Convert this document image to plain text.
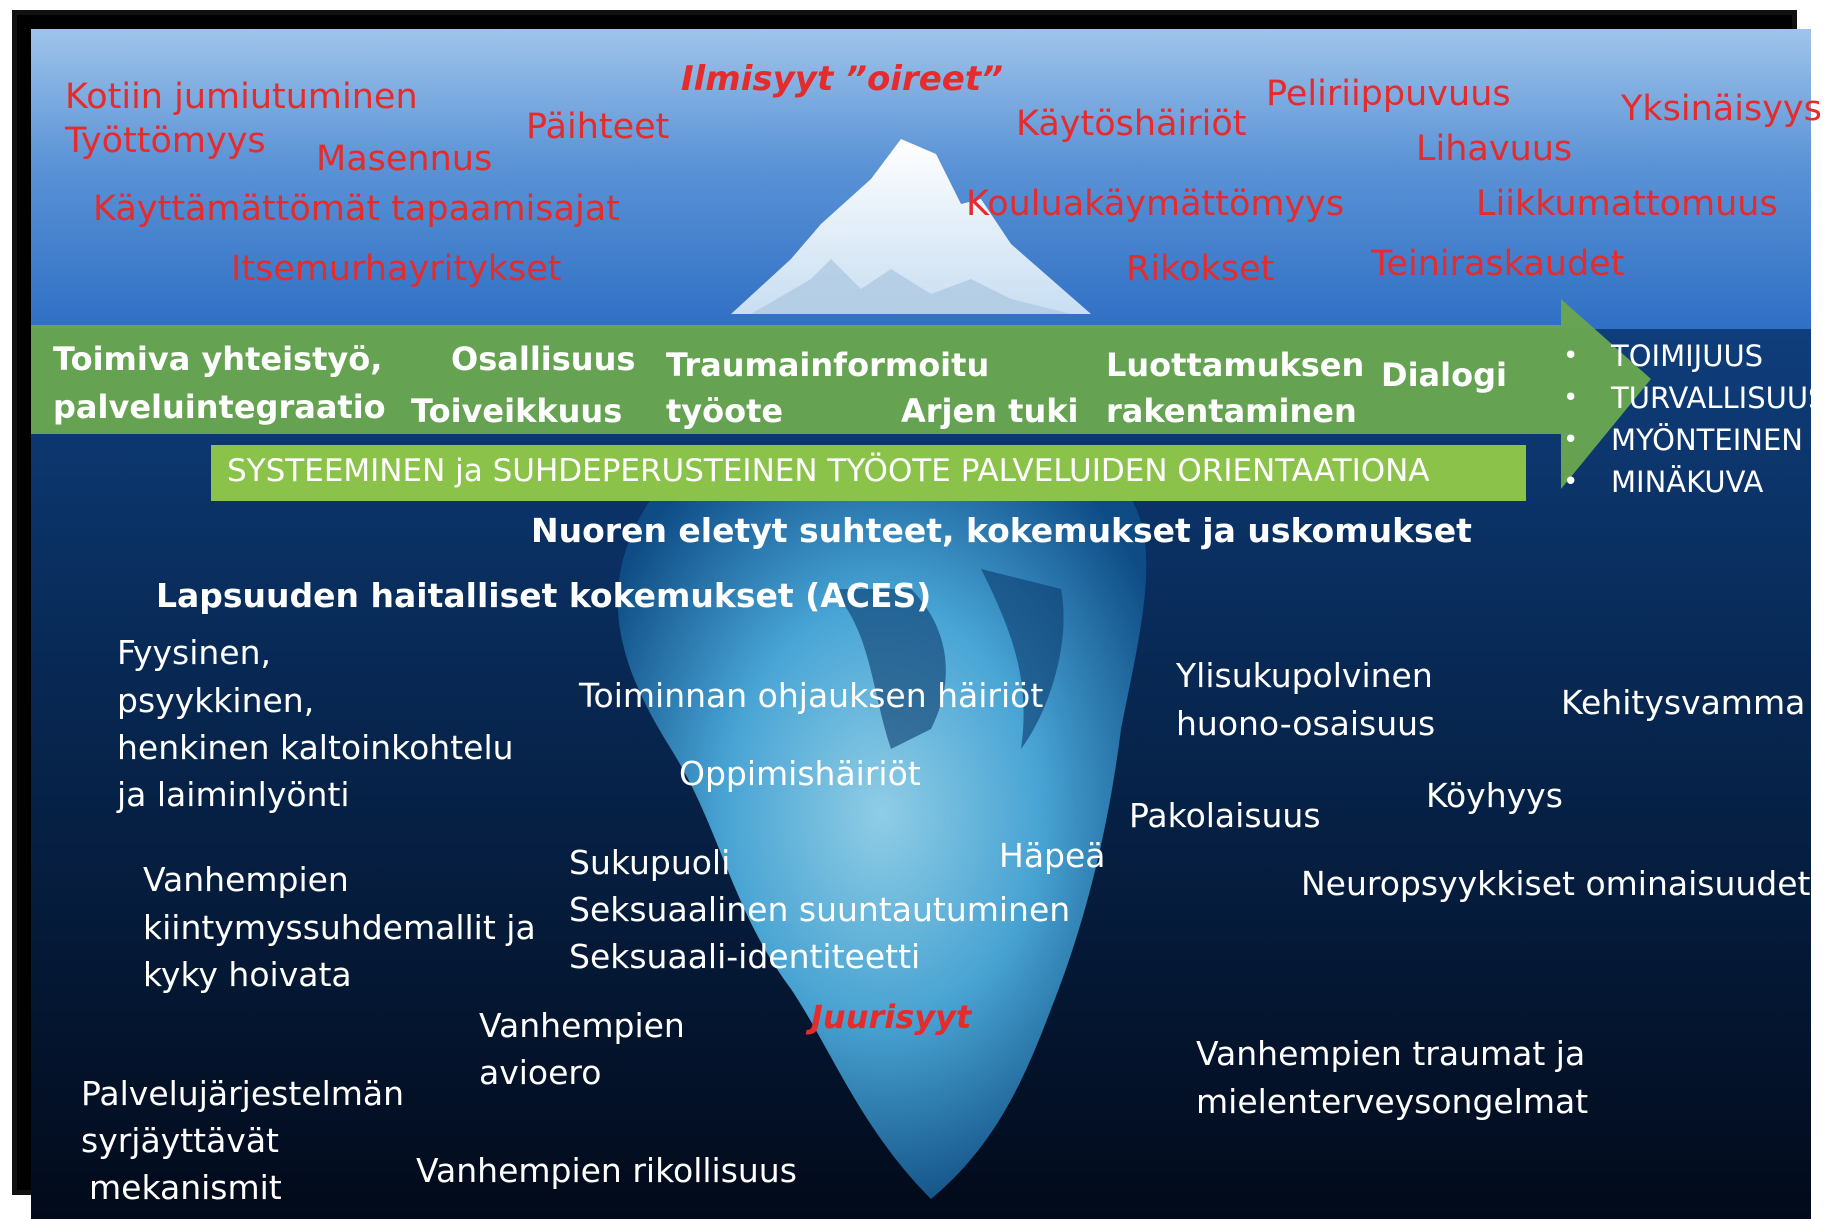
Ilmisyyt ”oireet”
Kotiin jumiutuminen
Työttömyys Masennus
Päihteet
Käyttämättömät tapaamisajat
Itsemurhayritykset
Käytöshäiriöt
Peliriippuvuus	Yksinäisyys
Lihavuus
Kouluakäymättömyys	Liikkumattomuus
Rikokset	Teiniraskaudet
Toimiva yhteistyö,
palveluintegraatio
Osallisuus
Toiveikkuus
Traumainformoitu
työote	Arjen tuki
Luottamuksen
rakentaminen
Dialogi	• TOIMIJUUS
• TURVALLISUUS
• MYÖNTEINEN
• MINÄKUVA
SYSTEEMINEN ja SUHDEPERUSTEINEN TYÖOTE PALVELUIDEN ORIENTAATIONA
Nuoren eletyt suhteet, kokemukset ja uskomukset
Lapsuuden haitalliset kokemukset (ACES)
Fyysinen,
psyykkinen,
henkinen kaltoinkohtelu
ja laiminlyönti
Toiminnan ohjauksen häiriöt
Oppimishäiriöt
Ylisukupolvinen
huono-osaisuus
Kehitysvamma
Pakolaisuus
Köyhyys
Häpeä
Neuropsyykkiset ominaisuudet
Vanhempien
kiintymyssuhdemallit ja
kyky hoivata
Sukupuoli
Seksuaalinen suuntautuminen
Seksuaali-identiteetti
Juurisyyt
Vanhempien
avioero	Vanhempien traumat ja
mielenterveysongelmat
Palvelujärjestelmän
syrjäyttävät
mekanismit	Vanhempien rikollisuus
